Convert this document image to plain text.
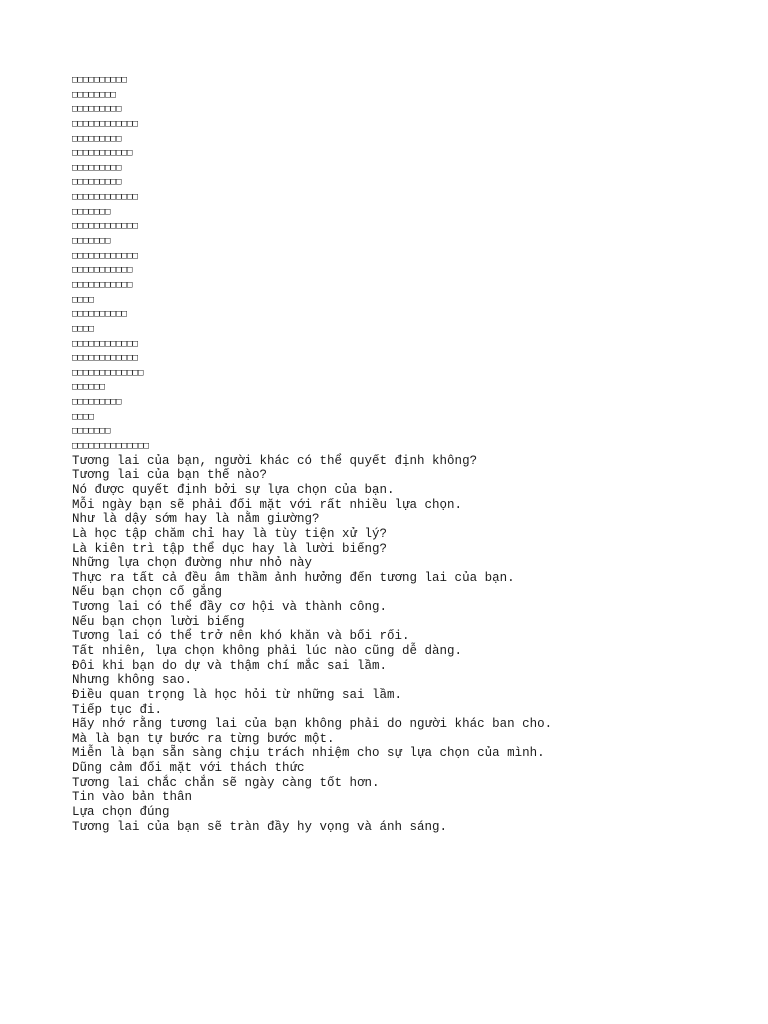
□□□□□□□□□□
□□□□□□□□
□□□□□□□□□
□□□□□□□□□□□□
□□□□□□□□□
□□□□□□□□□□□
□□□□□□□□□
□□□□□□□□□
□□□□□□□□□□□□
□□□□□□□
□□□□□□□□□□□□
□□□□□□□
□□□□□□□□□□□□
□□□□□□□□□□□
□□□□□□□□□□□
□□□□
□□□□□□□□□□
□□□□
□□□□□□□□□□□□
□□□□□□□□□□□□
□□□□□□□□□□□□□
□□□□□□
□□□□□□□□□
□□□□
□□□□□□□
□□□□□□□□□□□□□□
Tương lai của bạn, người khác có thể quyết định không?
Tương lai của bạn thế nào?
Nó được quyết định bởi sự lựa chọn của bạn.
Mỗi ngày bạn sẽ phải đối mặt với rất nhiều lựa chọn.
Như là dậy sớm hay là nằm giường?
Là học tập chăm chỉ hay là tùy tiện xử lý?
Là kiên trì tập thể dục hay là lười biếng?
Những lựa chọn đường như nhỏ này
Thực ra tất cả đều âm thầm ảnh hưởng đến tương lai của bạn.
Nếu bạn chọn cố gắng
Tương lai có thể đầy cơ hội và thành công.
Nếu bạn chọn lười biếng
Tương lai có thể trở nên khó khăn và bối rối.
Tất nhiên, lựa chọn không phải lúc nào cũng dễ dàng.
Đôi khi bạn do dự và thậm chí mắc sai lầm.
Nhưng không sao.
Điều quan trọng là học hỏi từ những sai lầm.
Tiếp tục đi.
Hãy nhớ rằng tương lai của bạn không phải do người khác ban cho.
Mà là bạn tự bước ra từng bước một.
Miễn là bạn sẵn sàng chịu trách nhiệm cho sự lựa chọn của mình.
Dũng cảm đối mặt với thách thức
Tương lai chắc chắn sẽ ngày càng tốt hơn.
Tin vào bản thân
Lựa chọn đúng
Tương lai của bạn sẽ tràn đầy hy vọng và ánh sáng.
